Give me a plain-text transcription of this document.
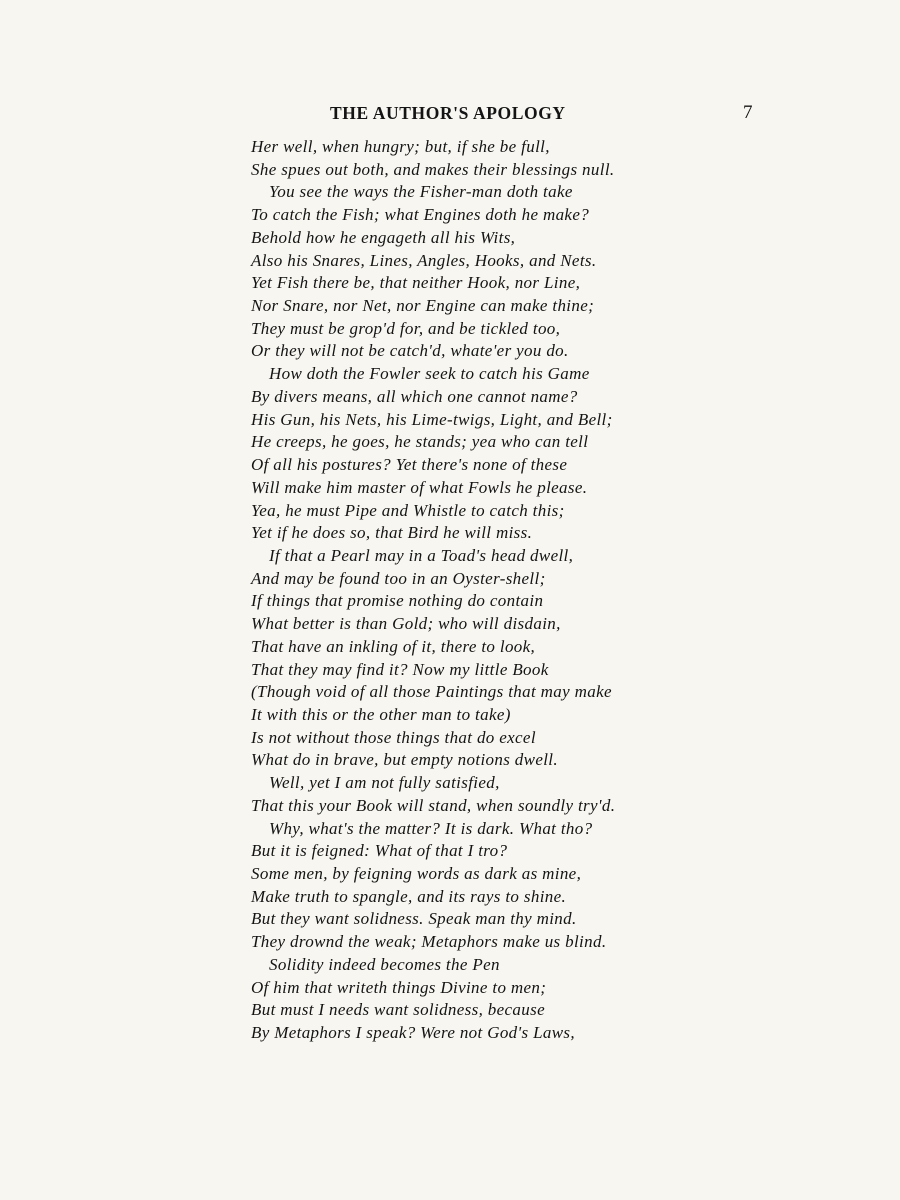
THE AUTHOR'S APOLOGY	7
Her well, when hungry; but, if she be full,
She spues out both, and makes their blessings null.
You see the ways the Fisher-man doth take
To catch the Fish; what Engines doth he make?
Behold how he engageth all his Wits,
Also his Snares, Lines, Angles, Hooks, and Nets.
Yet Fish there be, that neither Hook, nor Line,
Nor Snare, nor Net, nor Engine can make thine;
They must be grop'd for, and be tickled too,
Or they will not be catch'd, whate'er you do.
How doth the Fowler seek to catch his Game
By divers means, all which one cannot name?
His Gun, his Nets, his Lime-twigs, Light, and Bell;
He creeps, he goes, he stands; yea who can tell
Of all his postures? Yet there's none of these
Will make him master of what Fowls he please.
Yea, he must Pipe and Whistle to catch this;
Yet if he does so, that Bird he will miss.
If that a Pearl may in a Toad's head dwell,
And may be found too in an Oyster-shell;
If things that promise nothing do contain
What better is than Gold; who will disdain,
That have an inkling of it, there to look,
That they may find it? Now my little Book
(Though void of all those Paintings that may make
It with this or the other man to take)
Is not without those things that do excel
What do in brave, but empty notions dwell.
Well, yet I am not fully satisfied,
That this your Book will stand, when soundly try'd.
Why, what's the matter? It is dark. What tho?
But it is feigned: What of that I tro?
Some men, by feigning words as dark as mine,
Make truth to spangle, and its rays to shine.
But they want solidness. Speak man thy mind.
They drownd the weak; Metaphors make us blind.
Solidity indeed becomes the Pen
Of him that writeth things Divine to men;
But must I needs want solidness, because
By Metaphors I speak? Were not God's Laws,
